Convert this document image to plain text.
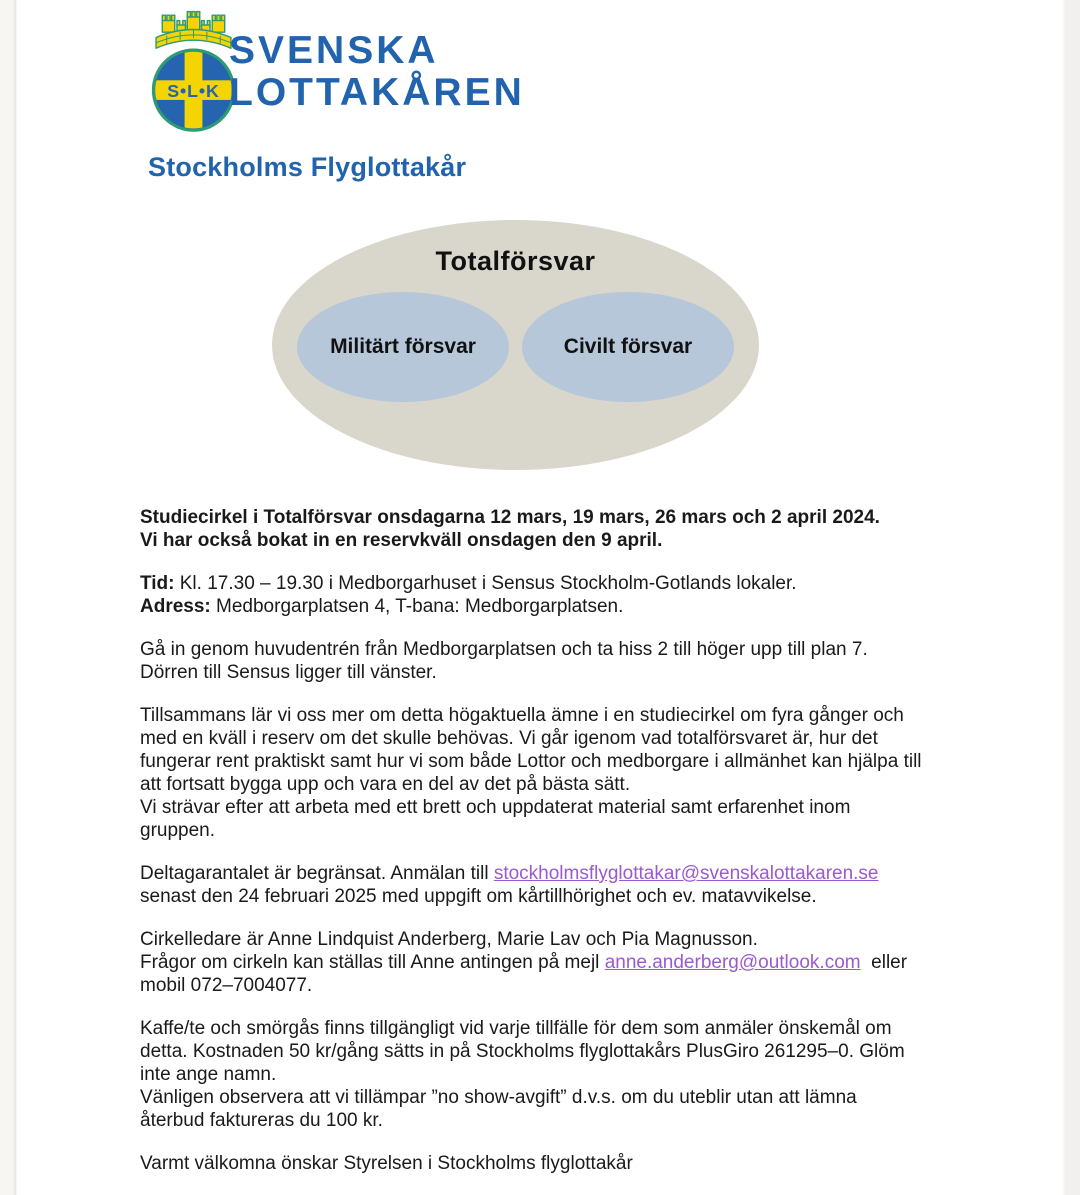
S•L•K
SVENSKA
LOTTAKÅREN
Stockholms Flyglottakår
Totalförsvar
Militärt försvar	Civilt försvar

Studiecirkel i Totalförsvar onsdagarna 12 mars, 19 mars, 26 mars och 2 april 2024.
Vi har också bokat in en reservkväll onsdagen den 9 april.

Tid: Kl. 17.30 – 19.30 i Medborgarhuset i Sensus Stockholm-Gotlands lokaler.
Adress: Medborgarplatsen 4, T-bana: Medborgarplatsen.

Gå in genom huvudentrén från Medborgarplatsen och ta hiss 2 till höger upp till plan 7.
Dörren till Sensus ligger till vänster.

Tillsammans lär vi oss mer om detta högaktuella ämne i en studiecirkel om fyra gånger och
med en kväll i reserv om det skulle behövas. Vi går igenom vad totalförsvaret är, hur det
fungerar rent praktiskt samt hur vi som både Lottor och medborgare i allmänhet kan hjälpa till
att fortsatt bygga upp och vara en del av det på bästa sätt.
Vi strävar efter att arbeta med ett brett och uppdaterat material samt erfarenhet inom
gruppen.

Deltagarantalet är begränsat. Anmälan till stockholmsflyglottakar@svenskalottakaren.se
senast den 24 februari 2025 med uppgift om kårtillhörighet och ev. matavvikelse.

Cirkelledare är Anne Lindquist Anderberg, Marie Lav och Pia Magnusson.
Frågor om cirkeln kan ställas till Anne antingen på mejl anne.anderberg@outlook.com  eller
mobil 072–7004077.

Kaffe/te och smörgås finns tillgängligt vid varje tillfälle för dem som anmäler önskemål om
detta. Kostnaden 50 kr/gång sätts in på Stockholms flyglottakårs PlusGiro 261295–0. Glöm
inte ange namn.
Vänligen observera att vi tillämpar ”no show-avgift” d.v.s. om du uteblir utan att lämna
återbud faktureras du 100 kr.

Varmt välkomna önskar Styrelsen i Stockholms flyglottakår
